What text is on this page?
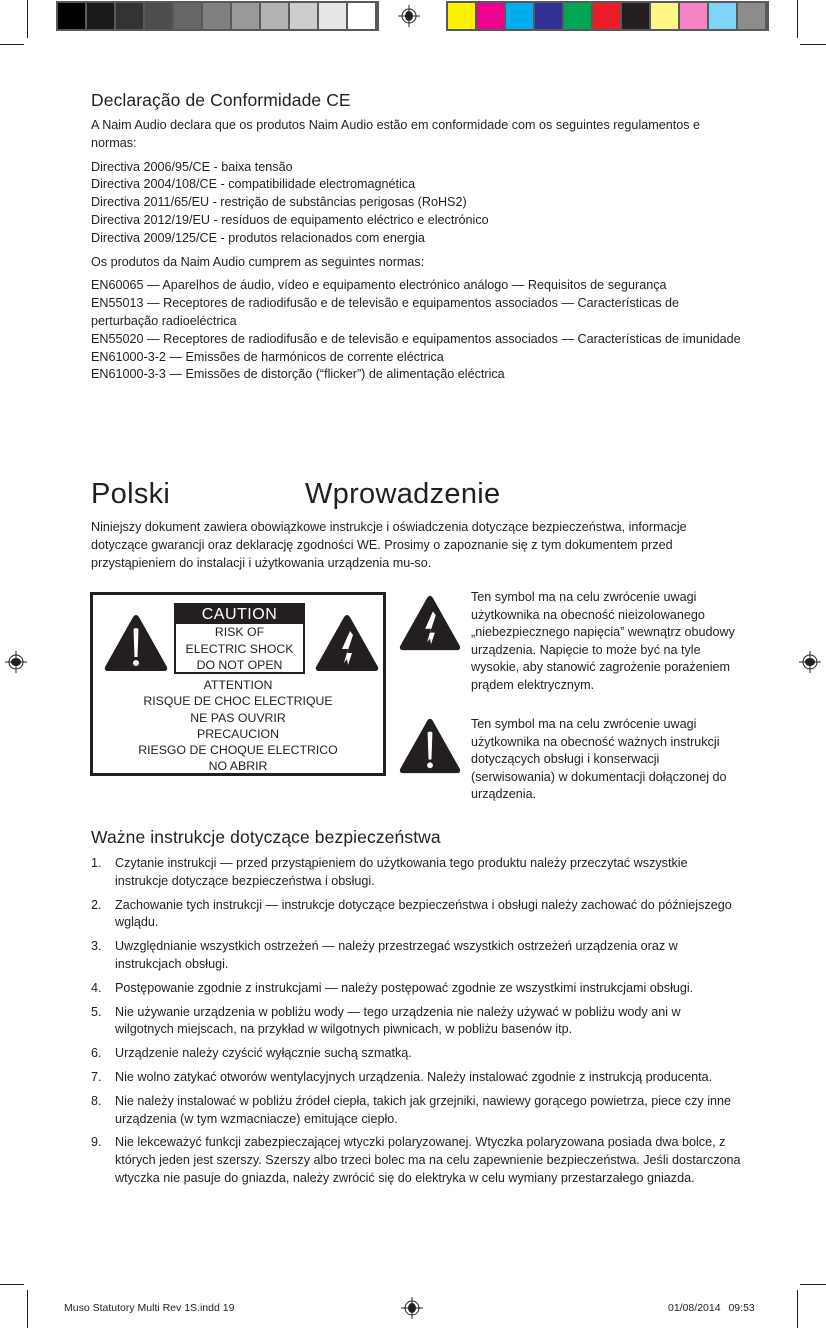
Declaração de Conformidade CE
A Naim Audio declara que os produtos Naim Audio estão em conformidade com os seguintes regulamentos e normas:
Directiva 2006/95/CE - baixa tensão
Directiva 2004/108/CE - compatibilidade electromagnética
Directiva 2011/65/EU - restrição de substâncias perigosas (RoHS2)
Directiva 2012/19/EU - resíduos de equipamento eléctrico e electrónico
Directiva 2009/125/CE - produtos relacionados com energia
Os produtos da Naim Audio cumprem as seguintes normas:
EN60065 — Aparelhos de áudio, vídeo e equipamento electrónico análogo — Requisitos de segurança
EN55013 — Receptores de radiodifusão e de televisão e equipamentos associados — Características de perturbação radioeléctrica
EN55020 — Receptores de radiodifusão e de televisão e equipamentos associados — Características de imunidade
EN61000-3-2 — Emissões de harmónicos de corrente eléctrica
EN61000-3-3 — Emissões de distorção (“flicker”) de alimentação eléctrica
Polski	Wprowadzenie
Niniejszy dokument zawiera obowiązkowe instrukcje i oświadczenia dotyczące bezpieczeństwa, informacje dotyczące gwarancji oraz deklarację zgodności WE. Prosimy o zapoznanie się z tym dokumentem przed przystąpieniem do instalacji i użytkowania urządzenia mu-so.
CAUTION
RISK OF
ELECTRIC SHOCK
DO NOT OPEN
ATTENTION
RISQUE DE CHOC ELECTRIQUE
NE PAS OUVRIR
PRECAUCION
RIESGO DE CHOQUE ELECTRICO
NO ABRIR
Ten symbol ma na celu zwrócenie uwagi użytkownika na obecność nieizolowanego „niebezpiecznego napięcia” wewnątrz obudowy urządzenia. Napięcie to może być na tyle wysokie, aby stanowić zagrożenie porażeniem prądem elektrycznym.
Ten symbol ma na celu zwrócenie uwagi użytkownika na obecność ważnych instrukcji dotyczących obsługi i konserwacji (serwisowania) w dokumentacji dołączonej do urządzenia.
Ważne instrukcje dotyczące bezpieczeństwa
1. Czytanie instrukcji — przed przystąpieniem do użytkowania tego produktu należy przeczytać wszystkie instrukcje dotyczące bezpieczeństwa i obsługi.
2. Zachowanie tych instrukcji — instrukcje dotyczące bezpieczeństwa i obsługi należy zachować do późniejszego wglądu.
3. Uwzględnianie wszystkich ostrzeżeń — należy przestrzegać wszystkich ostrzeżeń urządzenia oraz w instrukcjach obsługi.
4. Postępowanie zgodnie z instrukcjami — należy postępować zgodnie ze wszystkimi instrukcjami obsługi.
5. Nie używanie urządzenia w pobliżu wody — tego urządzenia nie należy używać w pobliżu wody ani w wilgotnych miejscach, na przykład w wilgotnych piwnicach, w pobliżu basenów itp.
6. Urządzenie należy czyścić wyłącznie suchą szmatką.
7. Nie wolno zatykać otworów wentylacyjnych urządzenia. Należy instalować zgodnie z instrukcją producenta.
8. Nie należy instalować w pobliżu źródeł ciepła, takich jak grzejniki, nawiewy gorącego powietrza, piece czy inne urządzenia (w tym wzmacniacze) emitujące ciepło.
9. Nie lekceważyć funkcji zabezpieczającej wtyczki polaryzowanej. Wtyczka polaryzowana posiada dwa bolce, z których jeden jest szerszy. Szerszy albo trzeci bolec ma na celu zapewnienie bezpieczeństwa. Jeśli dostarczona wtyczka nie pasuje do gniazda, należy zwrócić się do elektryka w celu wymiany przestarzałego gniazda.
Muso Statutory Multi Rev 1S.indd 19	01/08/2014 09:53
